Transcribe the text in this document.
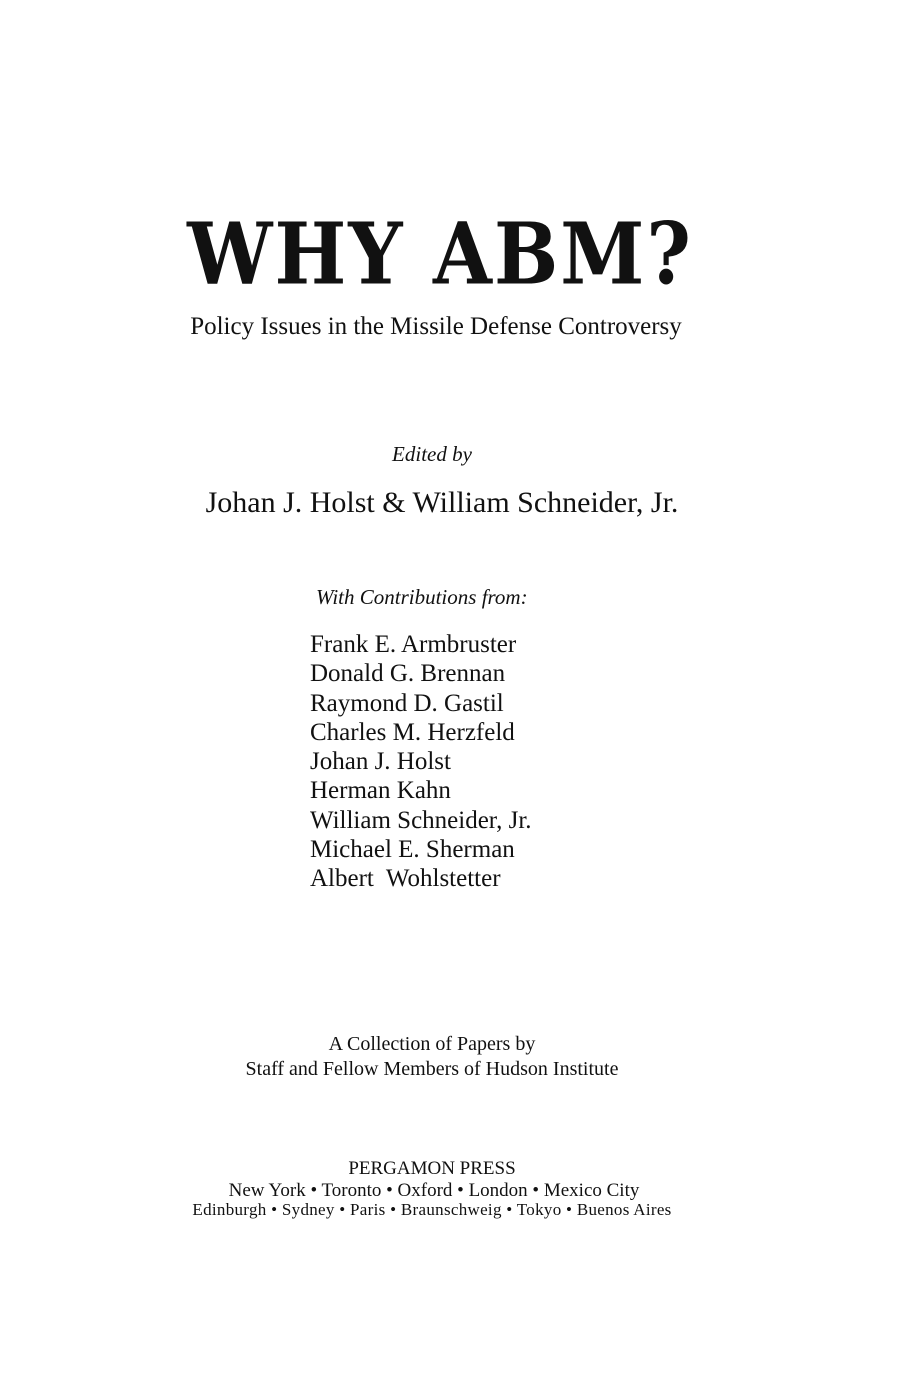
WHY ABM?
Policy Issues in the Missile Defense Controversy
Edited by
Johan J. Holst & William Schneider, Jr.
With Contributions from:
Frank E. Armbruster
Donald G. Brennan
Raymond D. Gastil
Charles M. Herzfeld
Johan J. Holst
Herman Kahn
William Schneider, Jr.
Michael E. Sherman
Albert  Wohlstetter
A Collection of Papers by
Staff and Fellow Members of Hudson Institute
PERGAMON PRESS
New York • Toronto • Oxford • London • Mexico City
Edinburgh • Sydney • Paris • Braunschweig • Tokyo • Buenos Aires
